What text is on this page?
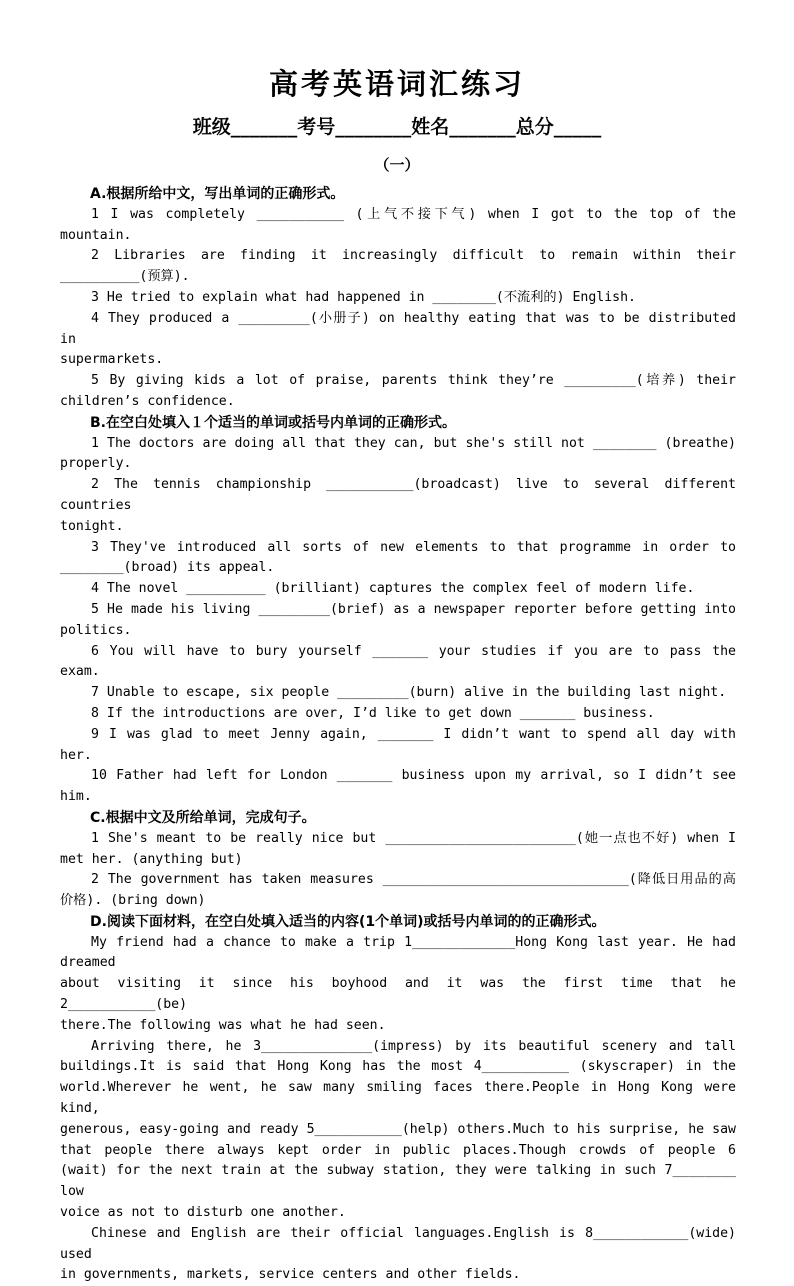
高考英语词汇练习
班级_______考号________姓名_______总分_____
（一）
A.根据所给中文，写出单词的正确形式。
1 I was completely ___________ (上气不接下气) when I got to the top of the mountain.
2 Libraries are finding it increasingly difficult to remain within their
__________(预算).
3 He tried to explain what had happened in ________(不流利的) English.
4 They produced a _________(小册子) on healthy eating that was to be distributed in
supermarkets.
5 By giving kids a lot of praise, parents think they’re _________(培养) their
children’s confidence.
B.在空白处填入１个适当的单词或括号内单词的正确形式。
1 The doctors are doing all that they can, but she's still not ________ (breathe)
properly.
2 The tennis championship ___________(broadcast) live to several different countries
tonight.
3 They've introduced all sorts of new elements to that programme in order to
________(broad) its appeal.
4 The novel __________ (brilliant) captures the complex feel of modern life.
5 He made his living _________(brief) as a newspaper reporter before getting into
politics.
6 You will have to bury yourself _______ your studies if you are to pass the exam.
7 Unable to escape, six people _________(burn) alive in the building last night.
8 If the introductions are over, I’d like to get down _______ business.
9 I was glad to meet Jenny again, _______ I didn’t want to spend all day with her.
10 Father had left for London _______ business upon my arrival, so I didn’t see him.
C.根据中文及所给单词，完成句子。
1 She's meant to be really nice but ________________________(她一点也不好) when I
met her. (anything but)
2 The government has taken measures _______________________________(降低日用品的高
价格). (bring down)
D.阅读下面材料，在空白处填入适当的内容(1个单词)或括号内单词的的正确形式。
My friend had a chance to make a trip 1_____________Hong Kong last year. He had dreamed
about visiting it since his boyhood and it was the first time that he 2___________(be)
there.The following was what he had seen.
Arriving there, he 3______________(impress) by its beautiful scenery and tall
buildings.It is said that Hong Kong has the most 4___________ (skyscraper) in the
world.Wherever he went, he saw many smiling faces there.People in Hong Kong were kind,
generous, easy-going and ready 5___________(help) others.Much to his surprise, he saw
that people there always kept order in public places.Though crowds of people 6
(wait) for the next train at the subway station, they were talking in such 7________ low
voice as not to disturb one another.
Chinese and English are their official languages.English is 8____________(wide) used
in governments, markets, service centers and other fields.
